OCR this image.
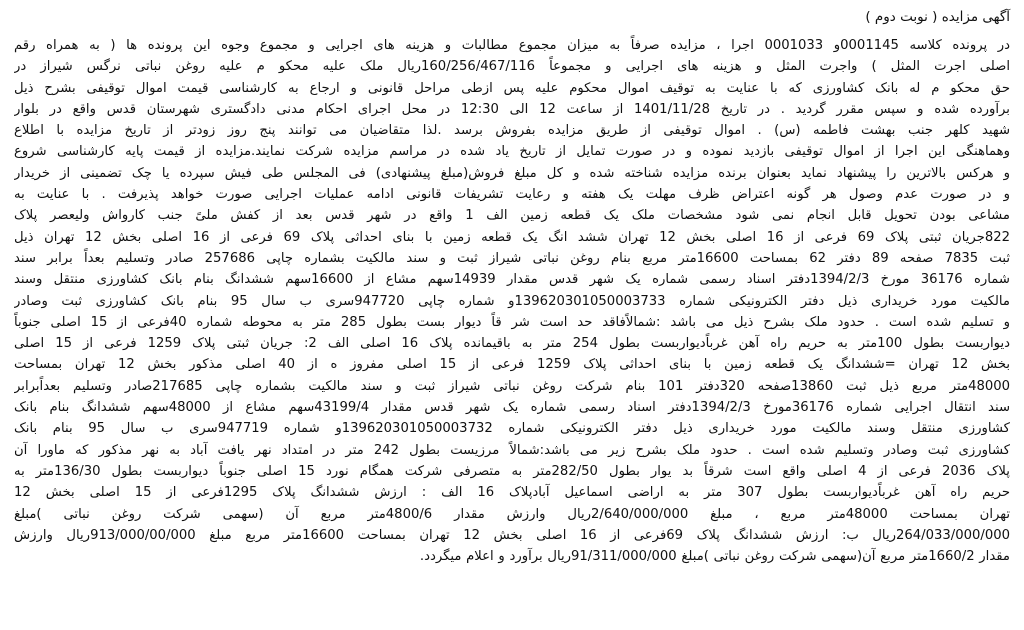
آگهی مزایده ( نوبت دوم )
در پرونده کلاسه 0001145و 0001033 اجرا ، مزایده صرفاً به میزان مجموع مطالبات و هزینه های اجرایی و مجموع وجوه این پرونده ها ( به همراه رقم
اصلی اجرت المثل ) واجرت المثل و هزینه های اجرایی و مجموعاً 160/256/467/116ریال ملک علیه محکو م علیه روغن نباتی نرگس شیراز در
حق محکو م له بانک کشاورزی که با عنایت به توقیف اموال محکوم علیه پس ازطی مراحل قانونی و ارجاع به کارشناسی قیمت اموال توقیفی بشرح ذیل
برآورده شده و سپس مقرر گردید . در تاریخ 1401/11/28 از ساعت 12 الی 12:30 در محل اجرای احکام مدنی دادگستری شهرستان قدس واقع در بلوار
شهید کلهر جنب بهشت فاطمه (س) . اموال توقیفی از طریق مزایده بفروش برسد .لذا متقاضیان می توانند پنج روز زودتر از تاریخ مزایده با اطلاع
وهماهنگی این اجرا از اموال توقیفی بازدید نموده و در صورت تمایل از تاریخ یاد شده در مراسم مزایده شرکت نمایند.مزایده از قیمت پایه کارشناسی شروع
و هرکس بالاترین را پیشنهاد نماید بعنوان برنده مزایده شناخته شده و کل مبلغ فروش(مبلغ پیشنهادی) فی المجلس طی فیش سپرده یا چک تضمینی از خریدار
و در صورت عدم وصول هر گونه اعتراض ظرف مهلت یک هفته و رعایت تشریفات قانونی ادامه عملیات اجرایی صورت خواهد پذیرفت . با عنایت به
مشاعی بودن تحویل قابل انجام نمی شود مشخصات ملک یک قطعه زمین الف 1 واقع در شهر قدس بعد از کفش ملیً جنب کارواش ولیعصر پلاک
822جریان ثبتی پلاک 69 فرعی از 16 اصلی بخش 12 تهران ششد انگ یک قطعه زمین با بنای احداثی پلاک 69 فرعی از 16 اصلی بخش 12 تهران ذیل
ثبت 7835 صفحه 89 دفتر 62 بمساحت 16600متر مربع بنام روغن نباتی شیراز ثبت و سند مالکیت بشماره چاپی 257686 صادر وتسلیم بعداً برابر سند
شماره 36176 مورخ 1394/2/3دفتر اسناد رسمی شماره یک شهر قدس مقدار 14939سهم مشاع از 16600سهم ششدانگ بنام بانک کشاورزی منتقل وسند
مالکیت مورد خریداری ذیل دفتر الکترونیکی شماره 139620301050003733و شماره چاپی 947720سری ب سال 95 بنام بانک کشاورزی ثبت وصادر
و تسلیم شده است . حدود ملک بشرح ذیل می باشد :شمالاًفاقد حد است شر قاً دیوار بست بطول 285 متر به محوطه شماره 40فرعی از 15 اصلی جنوباً
دیواربست بطول 100متر به حریم راه آهن غرباًدیواربست بطول 254 متر به باقیمانده پلاک 16 اصلی الف 2: جریان ثبتی پلاک 1259 فرعی از 15 اصلی
بخش 12 تهران =ششدانگ یک قطعه زمین با بنای احداثی پلاک 1259 فرعی از 15 اصلی مفروز ه از 40 اصلی مذکور بخش 12 تهران بمساحت
48000متر مربع ذیل ثبت 13860صفحه 320دفتر 101 بنام شرکت روغن نباتی شیراز ثبت و سند مالکیت بشماره چاپی 217685صادر وتسلیم بعداًبرابر
سند انتقال اجرایی شماره 36176مورخ 1394/2/3دفتر اسناد رسمی شماره یک شهر قدس مقدار 43199/4سهم مشاع از 48000سهم ششدانگ بنام بانک
کشاورزی منتقل وسند مالکیت مورد خریداری ذیل دفتر الکترونیکی شماره 139620301050003732و شماره 947719سری ب سال 95 بنام بانک
کشاورزی ثبت وصادر وتسلیم شده است . حدود ملک بشرح زیر می باشد:شمالاً مرزیست بطول 242 متر در امتداد نهر یافت آباد به نهر مذکور که ماورا آن
پلاک 2036 فرعی از 4 اصلی واقع است شرقاً بد یوار بطول 282/50متر به متصرفی شرکت همگام نورد 15 اصلی جنوباً دیواربست بطول 136/30متر به
حریم راه آهن غرباًدیواربست بطول 307 متر به اراضی اسماعیل آبادپلاک 16 الف : ارزش ششدانگ پلاک 1295فرعی از 15 اصلی بخش 12
تهران بمساحت 48000متر مربع ، مبلغ 2/640/000/000ریال وارزش مقدار 4800/6متر مربع آن (سهمی شرکت روغن نباتی )مبلغ
264/033/000/000ریال ب: ارزش ششدانگ پلاک 69فرعی از 16 اصلی بخش 12 تهران بمساحت 16600متر مربع مبلغ 913/000/00/000ریال وارزش
مقدار 1660/2متر مربع آن(سهمی شرکت روغن نباتی )مبلغ 91/311/000/000ریال برآورد و اعلام میگردد.
